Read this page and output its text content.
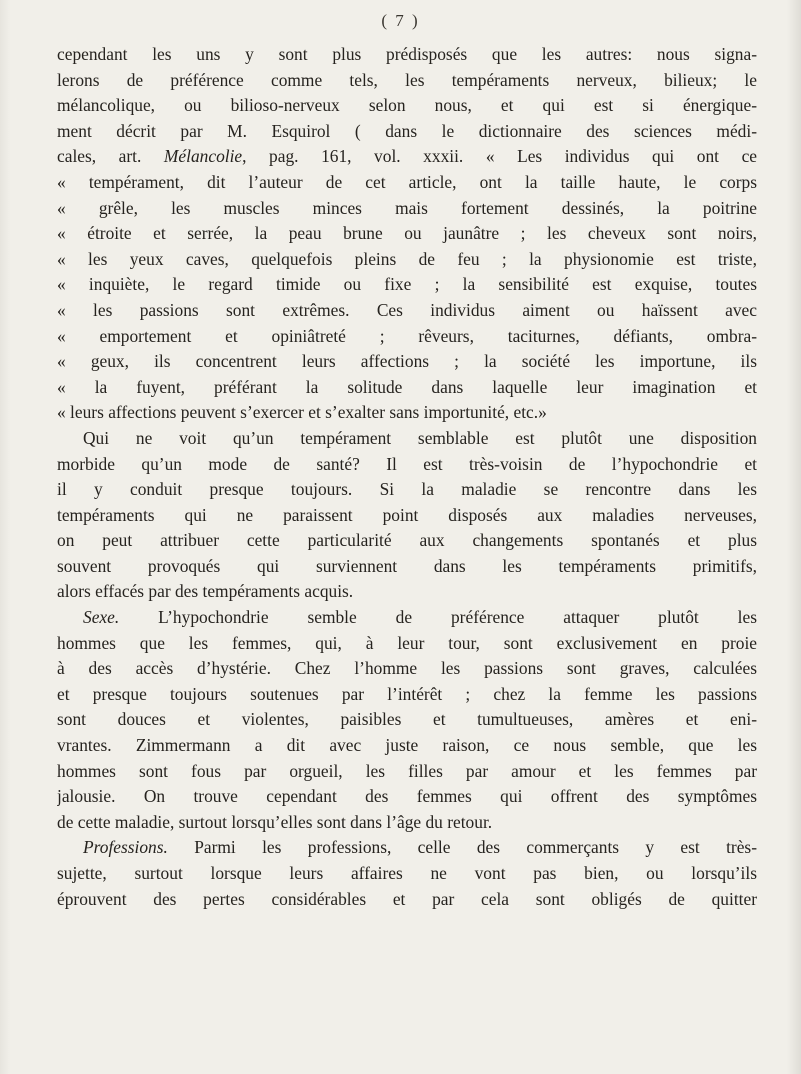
( 7 )
cependant les uns y sont plus prédisposés que les autres: nous signa-
lerons de préférence comme tels, les tempéraments nerveux, bilieux; le
mélancolique, ou bilioso-nerveux selon nous, et qui est si énergique-
ment décrit par M. Esquirol ( dans le dictionnaire des sciences médi-
cales, art. Mélancolie, pag. 161, vol. xxxii. « Les individus qui ont ce
« tempérament, dit l’auteur de cet article, ont la taille haute, le corps
« grêle, les muscles minces mais fortement dessinés, la poitrine
« étroite et serrée, la peau brune ou jaunâtre ; les cheveux sont noirs,
« les yeux caves, quelquefois pleins de feu ; la physionomie est triste,
« inquiète, le regard timide ou fixe ; la sensibilité est exquise, toutes
« les passions sont extrêmes. Ces individus aiment ou haïssent avec
« emportement et opiniâtreté ; rêveurs, taciturnes, défiants, ombra-
« geux, ils concentrent leurs affections ; la société les importune, ils
« la fuyent, préférant la solitude dans laquelle leur imagination et
« leurs affections peuvent s’exercer et s’exalter sans importunité, etc.»
Qui ne voit qu’un tempérament semblable est plutôt une disposition
morbide qu’un mode de santé? Il est très-voisin de l’hypochondrie et
il y conduit presque toujours. Si la maladie se rencontre dans les
tempéraments qui ne paraissent point disposés aux maladies nerveuses,
on peut attribuer cette particularité aux changements spontanés et plus
souvent provoqués qui surviennent dans les tempéraments primitifs,
alors effacés par des tempéraments acquis.
Sexe. L’hypochondrie semble de préférence attaquer plutôt les
hommes que les femmes, qui, à leur tour, sont exclusivement en proie
à des accès d’hystérie. Chez l’homme les passions sont graves, calculées
et presque toujours soutenues par l’intérêt ; chez la femme les passions
sont douces et violentes, paisibles et tumultueuses, amères et eni-
vrantes. Zimmermann a dit avec juste raison, ce nous semble, que les
hommes sont fous par orgueil, les filles par amour et les femmes par
jalousie. On trouve cependant des femmes qui offrent des symptômes
de cette maladie, surtout lorsqu’elles sont dans l’âge du retour.
Professions. Parmi les professions, celle des commerçants y est très-
sujette, surtout lorsque leurs affaires ne vont pas bien, ou lorsqu’ils
éprouvent des pertes considérables et par cela sont obligés de quitter
